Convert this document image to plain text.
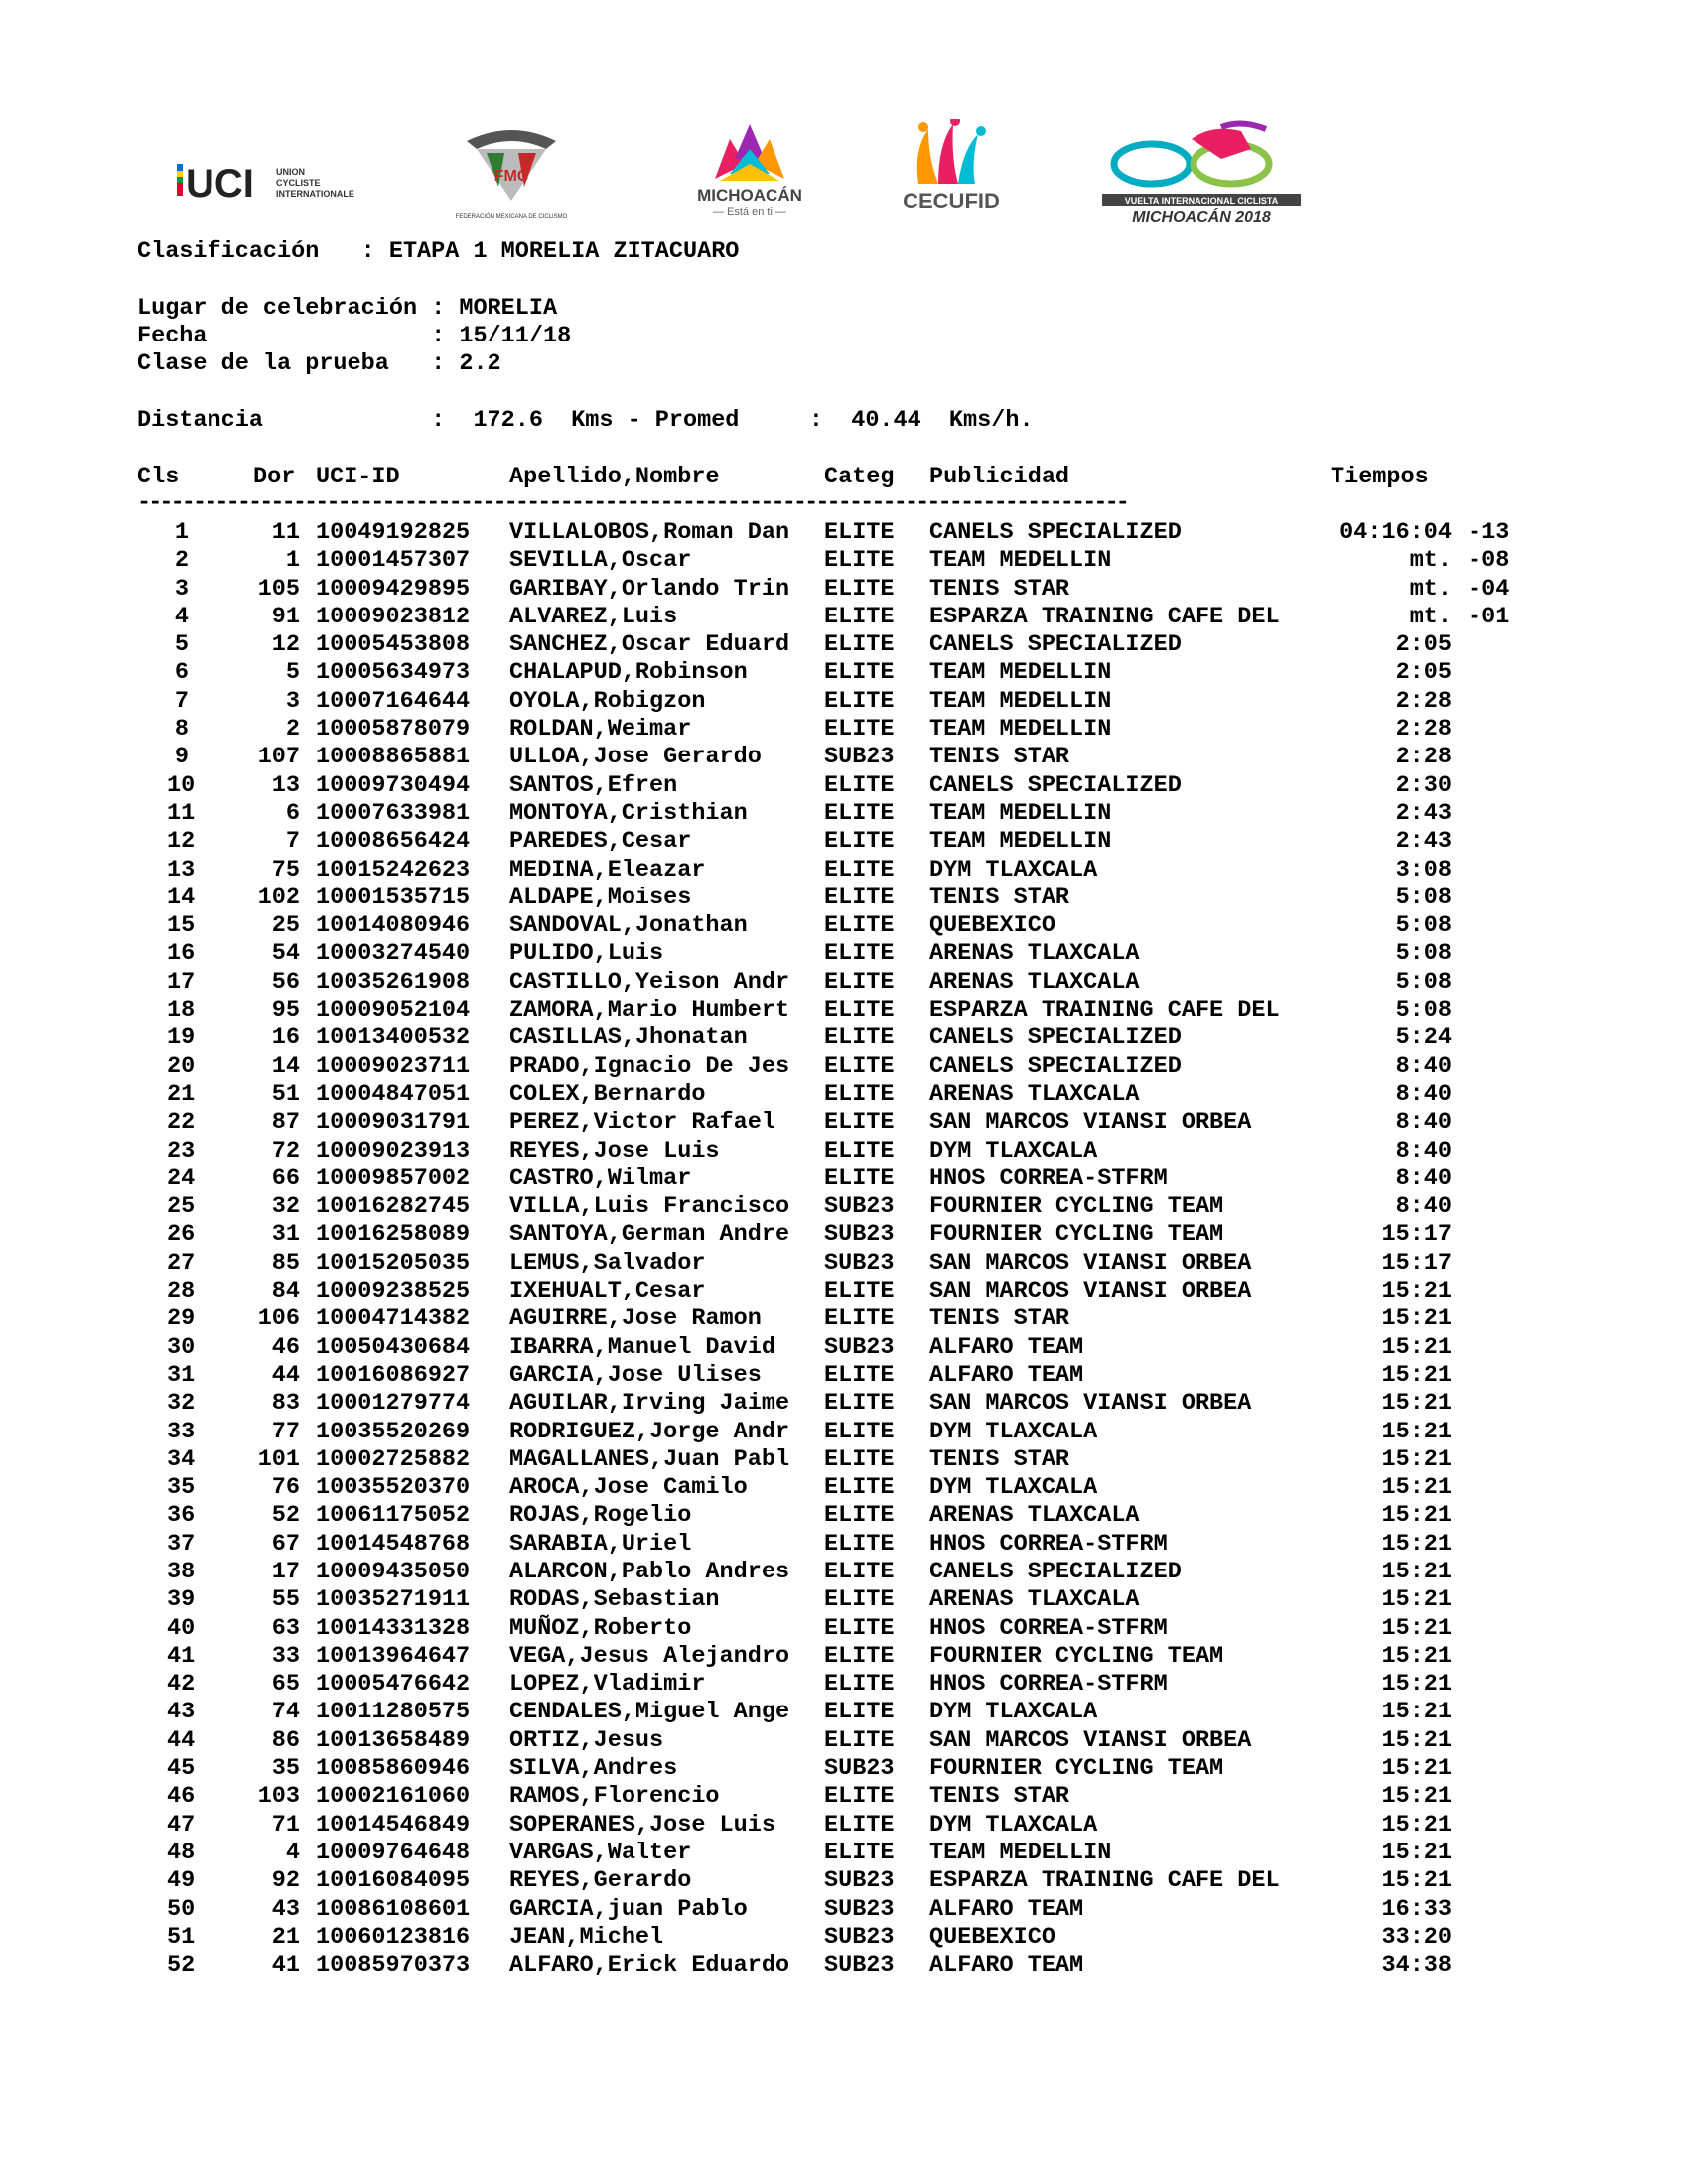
UCI UNION
CYCLISTE
INTERNATIONALE
FMC
FEDERACIÓN MEXICANA DE CICLISMO
MICHOACÁN
— Está en ti —	CECUFID	VUELTA INTERNACIONAL CICLISTA
MICHOACÁN 2018
Clasificación   : ETAPA 1 MORELIA ZITACUARO
Lugar de celebración : MORELIA
Fecha                : 15/11/18
Clase de la prueba   : 2.2
Distancia            :  172.6  Kms - Promed     :  40.44  Kms/h.

Cls

	Dor

UCI-ID

	Apellido,Nombre

	Categ

Publicidad

	Tiempos

-----------------------------------------------------------------------------------------
1	11 10049192825 VILLALOBOS,Roman Dan ELITE CANELS SPECIALIZED	04:16:04 -13
2	1 10001457307 SEVILLA,Oscar	ELITE TEAM MEDELLIN	mt. -08
3	105 10009429895 GARIBAY,Orlando Trin ELITE TENIS STAR	mt. -04
4	91 10009023812 ALVAREZ,Luis	ELITE ESPARZA TRAINING CAFE DEL	mt. -01
5	12 10005453808 SANCHEZ,Oscar Eduard ELITE CANELS SPECIALIZED	2:05
6	5 10005634973 CHALAPUD,Robinson	ELITE TEAM MEDELLIN	2:05
7	3 10007164644 OYOLA,Robigzon	ELITE TEAM MEDELLIN	2:28
8	2 10005878079 ROLDAN,Weimar	ELITE TEAM MEDELLIN	2:28
9	107 10008865881 ULLOA,Jose Gerardo	SUB23 TENIS STAR	2:28
10	13 10009730494 SANTOS,Efren	ELITE CANELS SPECIALIZED	2:30
11	6 10007633981 MONTOYA,Cristhian	ELITE TEAM MEDELLIN	2:43
12	7 10008656424 PAREDES,Cesar	ELITE TEAM MEDELLIN	2:43
13	75 10015242623 MEDINA,Eleazar	ELITE DYM TLAXCALA	3:08
14	102 10001535715 ALDAPE,Moises	ELITE TENIS STAR	5:08
15	25 10014080946 SANDOVAL,Jonathan	ELITE QUEBEXICO	5:08
16	54 10003274540 PULIDO,Luis	ELITE ARENAS TLAXCALA	5:08
17	56 10035261908 CASTILLO,Yeison Andr ELITE ARENAS TLAXCALA	5:08
18	95 10009052104 ZAMORA,Mario Humbert ELITE ESPARZA TRAINING CAFE DEL	5:08
19	16 10013400532 CASILLAS,Jhonatan	ELITE CANELS SPECIALIZED	5:24
20	14 10009023711 PRADO,Ignacio De Jes ELITE CANELS SPECIALIZED	8:40
21	51 10004847051 COLEX,Bernardo	ELITE ARENAS TLAXCALA	8:40
22	87 10009031791 PEREZ,Victor Rafael ELITE SAN MARCOS VIANSI ORBEA	8:40
23	72 10009023913 REYES,Jose Luis	ELITE DYM TLAXCALA	8:40
24	66 10009857002 CASTRO,Wilmar	ELITE HNOS CORREA-STFRM	8:40
25	32 10016282745 VILLA,Luis Francisco SUB23 FOURNIER CYCLING TEAM	8:40
26	31 10016258089 SANTOYA,German Andre SUB23 FOURNIER CYCLING TEAM	15:17
27	85 10015205035 LEMUS,Salvador	SUB23 SAN MARCOS VIANSI ORBEA	15:17
28	84 10009238525 IXEHUALT,Cesar	ELITE SAN MARCOS VIANSI ORBEA	15:21
29	106 10004714382 AGUIRRE,Jose Ramon	ELITE TENIS STAR	15:21
30	46 10050430684 IBARRA,Manuel David SUB23 ALFARO TEAM	15:21
31	44 10016086927 GARCIA,Jose Ulises	ELITE ALFARO TEAM	15:21
32	83 10001279774 AGUILAR,Irving Jaime ELITE SAN MARCOS VIANSI ORBEA	15:21
33	77 10035520269 RODRIGUEZ,Jorge Andr ELITE DYM TLAXCALA	15:21
34	101 10002725882 MAGALLANES,Juan Pabl ELITE TENIS STAR	15:21
35	76 10035520370 AROCA,Jose Camilo	ELITE DYM TLAXCALA	15:21
36	52 10061175052 ROJAS,Rogelio	ELITE ARENAS TLAXCALA	15:21
37	67 10014548768 SARABIA,Uriel	ELITE HNOS CORREA-STFRM	15:21
38	17 10009435050 ALARCON,Pablo Andres ELITE CANELS SPECIALIZED	15:21
39	55 10035271911 RODAS,Sebastian	ELITE ARENAS TLAXCALA	15:21
40	63 10014331328 MUÑOZ,Roberto	ELITE HNOS CORREA-STFRM	15:21
41	33 10013964647 VEGA,Jesus Alejandro ELITE FOURNIER CYCLING TEAM	15:21
42	65 10005476642 LOPEZ,Vladimir	ELITE HNOS CORREA-STFRM	15:21
43	74 10011280575 CENDALES,Miguel Ange ELITE DYM TLAXCALA	15:21
44	86 10013658489 ORTIZ,Jesus	ELITE SAN MARCOS VIANSI ORBEA	15:21
45	35 10085860946 SILVA,Andres	SUB23 FOURNIER CYCLING TEAM	15:21
46	103 10002161060 RAMOS,Florencio	ELITE TENIS STAR	15:21
47	71 10014546849 SOPERANES,Jose Luis ELITE DYM TLAXCALA	15:21
48	4 10009764648 VARGAS,Walter	ELITE TEAM MEDELLIN	15:21
49	92 10016084095 REYES,Gerardo	SUB23 ESPARZA TRAINING CAFE DEL	15:21
50	43 10086108601 GARCIA,juan Pablo	SUB23 ALFARO TEAM	16:33
51	21 10060123816 JEAN,Michel	SUB23 QUEBEXICO	33:20
52	41 10085970373 ALFARO,Erick Eduardo SUB23 ALFARO TEAM	34:38
